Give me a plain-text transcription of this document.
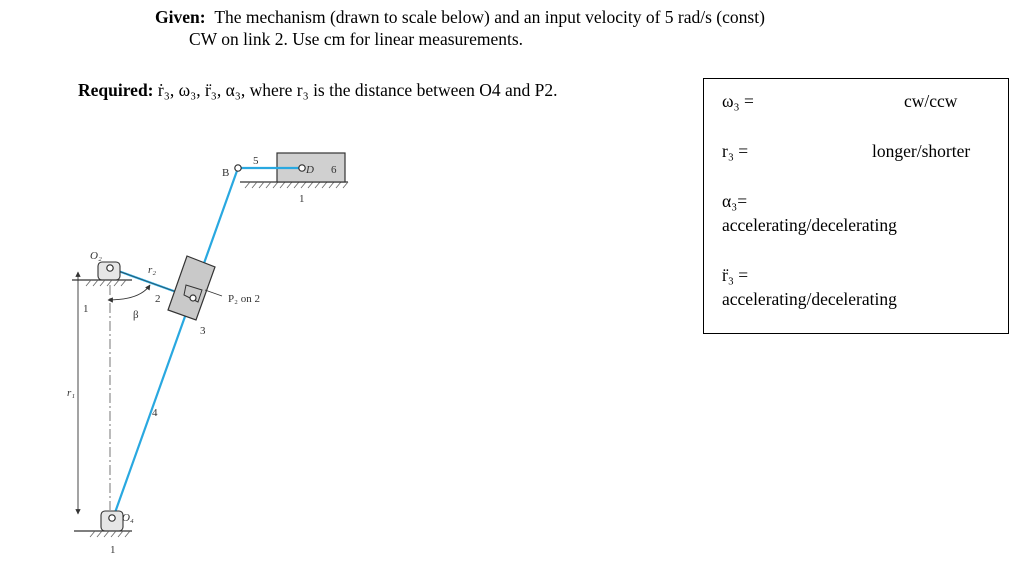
Given: The mechanism (drawn to scale below) and an input velocity of 5 rad/s (const)
CW on link 2. Use cm for linear measurements.
Required: ṙ₃, ω₃, r̈₃, α₃, where r₃ is the distance between O4 and P2.
ω₃ =	cw/ccw
r₃ =	longer/shorter
α₃=
accelerating/decelerating
r̈₃ =
accelerating/decelerating
B
5
D 6
1
O₂
r₂
2
1	β
P₂ on 2
3
r₁
4
O₄
1
